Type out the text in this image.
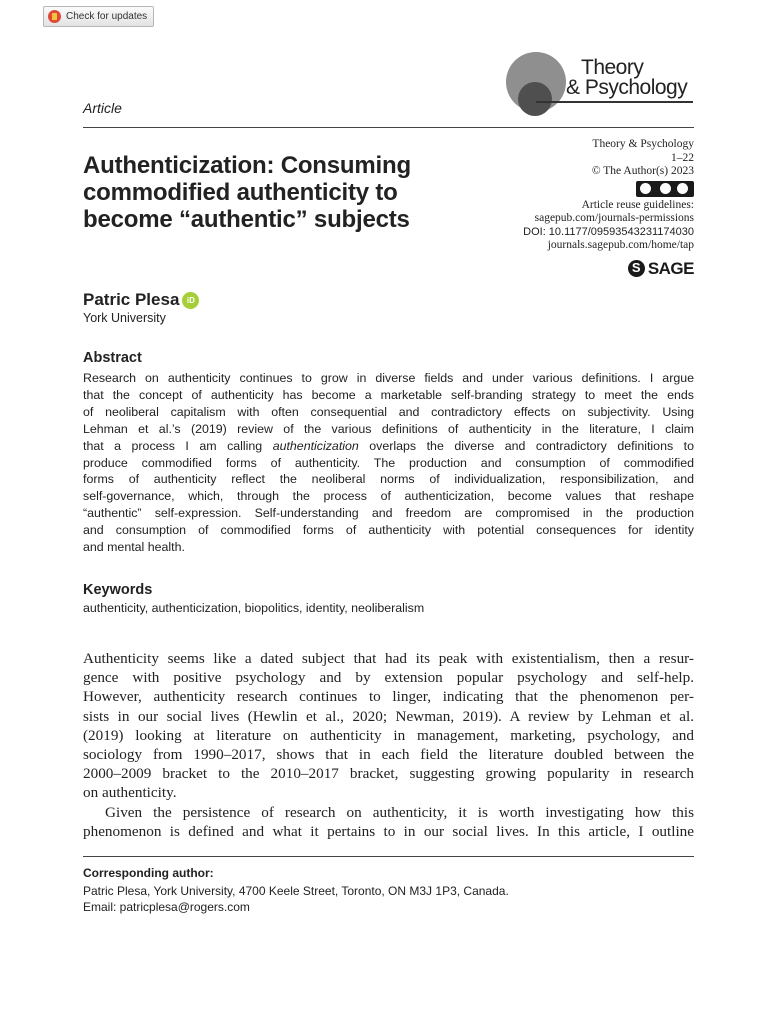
Check for updates
Theory
& Psychology
Article
Authenticization: Consuming
commodified authenticity to
become “authentic” subjects
Theory & Psychology
1–22
© The Author(s) 2023
Article reuse guidelines:
sagepub.com/journals-permissions
DOI: 10.1177/09593543231174030
journals.sagepub.com/home/tap
S
SAGE
Patric Plesa iD
York University
Abstract
Research on authenticity continues to grow in diverse fields and under various definitions. I argue
that the concept of authenticity has become a marketable self-branding strategy to meet the ends
of neoliberal capitalism with often consequential and contradictory effects on subjectivity. Using
Lehman et al.’s (2019) review of the various definitions of authenticity in the literature, I claim
that a process I am calling authenticization overlaps the diverse and contradictory definitions to
produce commodified forms of authenticity. The production and consumption of commodified
forms of authenticity reflect the neoliberal norms of individualization, responsibilization, and
self-governance, which, through the process of authenticization, become values that reshape
“authentic” self-expression. Self-understanding and freedom are compromised in the production
and consumption of commodified forms of authenticity with potential consequences for identity
and mental health.
Keywords
authenticity, authenticization, biopolitics, identity, neoliberalism
Authenticity seems like a dated subject that had its peak with existentialism, then a resur-
gence with positive psychology and by extension popular psychology and self-help.
However, authenticity research continues to linger, indicating that the phenomenon per-
sists in our social lives (Hewlin et al., 2020; Newman, 2019). A review by Lehman et al.
(2019) looking at literature on authenticity in management, marketing, psychology, and
sociology from 1990–2017, shows that in each field the literature doubled between the
2000–2009 bracket to the 2010–2017 bracket, suggesting growing popularity in research
on authenticity.
Given the persistence of research on authenticity, it is worth investigating how this
phenomenon is defined and what it pertains to in our social lives. In this article, I outline
Corresponding author:
Patric Plesa, York University, 4700 Keele Street, Toronto, ON M3J 1P3, Canada.
Email: patricplesa@rogers.com
